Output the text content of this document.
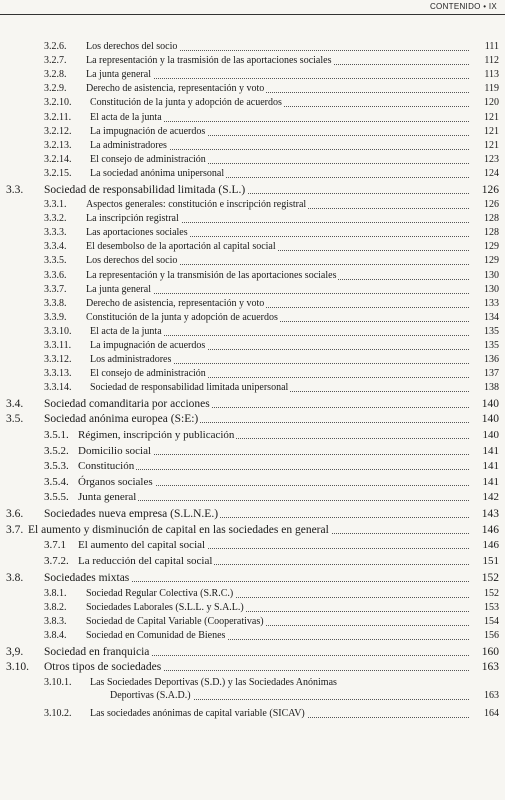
CONTENIDO • IX
3.2.6. Los derechos del socio	111
3.2.7. La representación y la trasmisión de las aportaciones sociales	112
3.2.8. La junta general	113
3.2.9. Derecho de asistencia, representación y voto	119
3.2.10. Constitución de la junta y adopción de acuerdos	120
3.2.11. El acta de la junta	121
3.2.12. La impugnación de acuerdos	121
3.2.13. La administradores	121
3.2.14. El consejo de administración	123
3.2.15. La sociedad anónima unipersonal	124
3.3. Sociedad de responsabilidad limitada (S.L.)	126
3.3.1. Aspectos generales: constitución e inscripción registral	126
3.3.2. La inscripción registral	128
3.3.3. Las aportaciones sociales	128
3.3.4. El desembolso de la aportación al capital social	129
3.3.5. Los derechos del socio	129
3.3.6. La representación y la transmisión de las aportaciones sociales	130
3.3.7. La junta general	130
3.3.8. Derecho de asistencia, representación y voto	133
3.3.9. Constitución de la junta y adopción de acuerdos	134
3.3.10. El acta de la junta	135
3.3.11. La impugnación de acuerdos	135
3.3.12. Los administradores	136
3.3.13. El consejo de administración	137
3.3.14. Sociedad de responsabilidad limitada unipersonal	138
3.4. Sociedad comanditaria por acciones	140
3.5. Sociedad anónima europea (S:E:)	140
3.5.1. Régimen, inscripción y publicación	140
3.5.2. Domicilio social	141
3.5.3. Constitución	141
3.5.4. Órganos sociales	141
3.5.5. Junta general	142
3.6. Sociedades nueva empresa (S.L.N.E.)	143
3.7. El aumento y disminución de capital en las sociedades en general	146
3.7.1 El aumento del capital social	146
3.7.2. La reducción del capital social	151
3.8. Sociedades mixtas	152
3.8.1. Sociedad Regular Colectiva (S.R.C.)	152
3.8.2. Sociedades Laborales (S.L.L. y S.A.L.)	153
3.8.3. Sociedad de Capital Variable (Cooperativas)	154
3.8.4. Sociedad en Comunidad de Bienes	156
3,9. Sociedad en franquicia	160
3.10. Otros tipos de sociedades	163
3.10.1. Las Sociedades Deportivas (S.D.) y las Sociedades Anónimas
Deportivas (S.A.D.)	163
3.10.2. Las sociedades anónimas de capital variable (SICAV)	164
